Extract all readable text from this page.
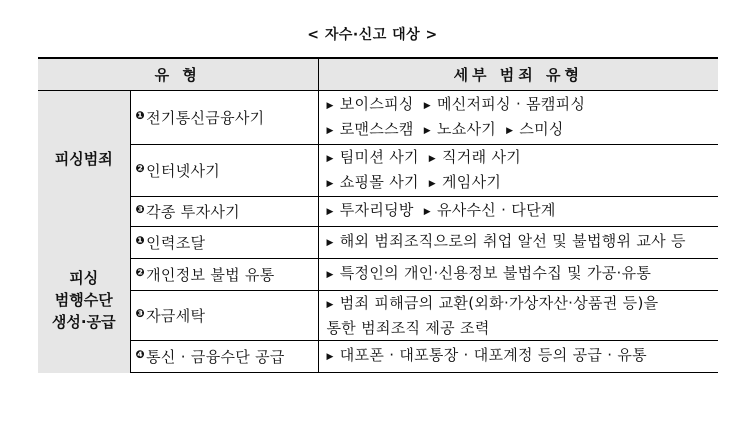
< 자수·신고 대상 >
유 형		세부 범죄 유형

피싱범죄	$^❶$전기통신금융사기	▶ 보이스피싱 ▶ 메신저피싱 · 몸캠피싱
▶ 로맨스스캠 ▶ 노쇼사기 ▶ 스미싱

	$^❷$인터넷사기	▶ 팀미션 사기 ▶ 직거래 사기
▶ 쇼핑몰 사기 ▶ 게임사기

	$^❸$각종 투자사기	▶ 투자리딩방 ▶ 유사수신 · 다단계

피싱
범행수단
생성·공급	$^❶$인력조달	▶ 해외 범죄조직으로의 취업 알선 및 불법행위 교사 등

	$^❷$개인정보 불법 유통	▶ 특정인의 개인·신용정보 불법수집 및 가공·유통

	$^❸$자금세탁	▶ 범죄 피해금의 교환(외화·가상자산·상품권 등)을
통한 범죄조직 제공 조력

	$^❹$통신 · 금융수단 공급	▶ 대포폰 · 대포통장 · 대포계정 등의 공급 · 유통
